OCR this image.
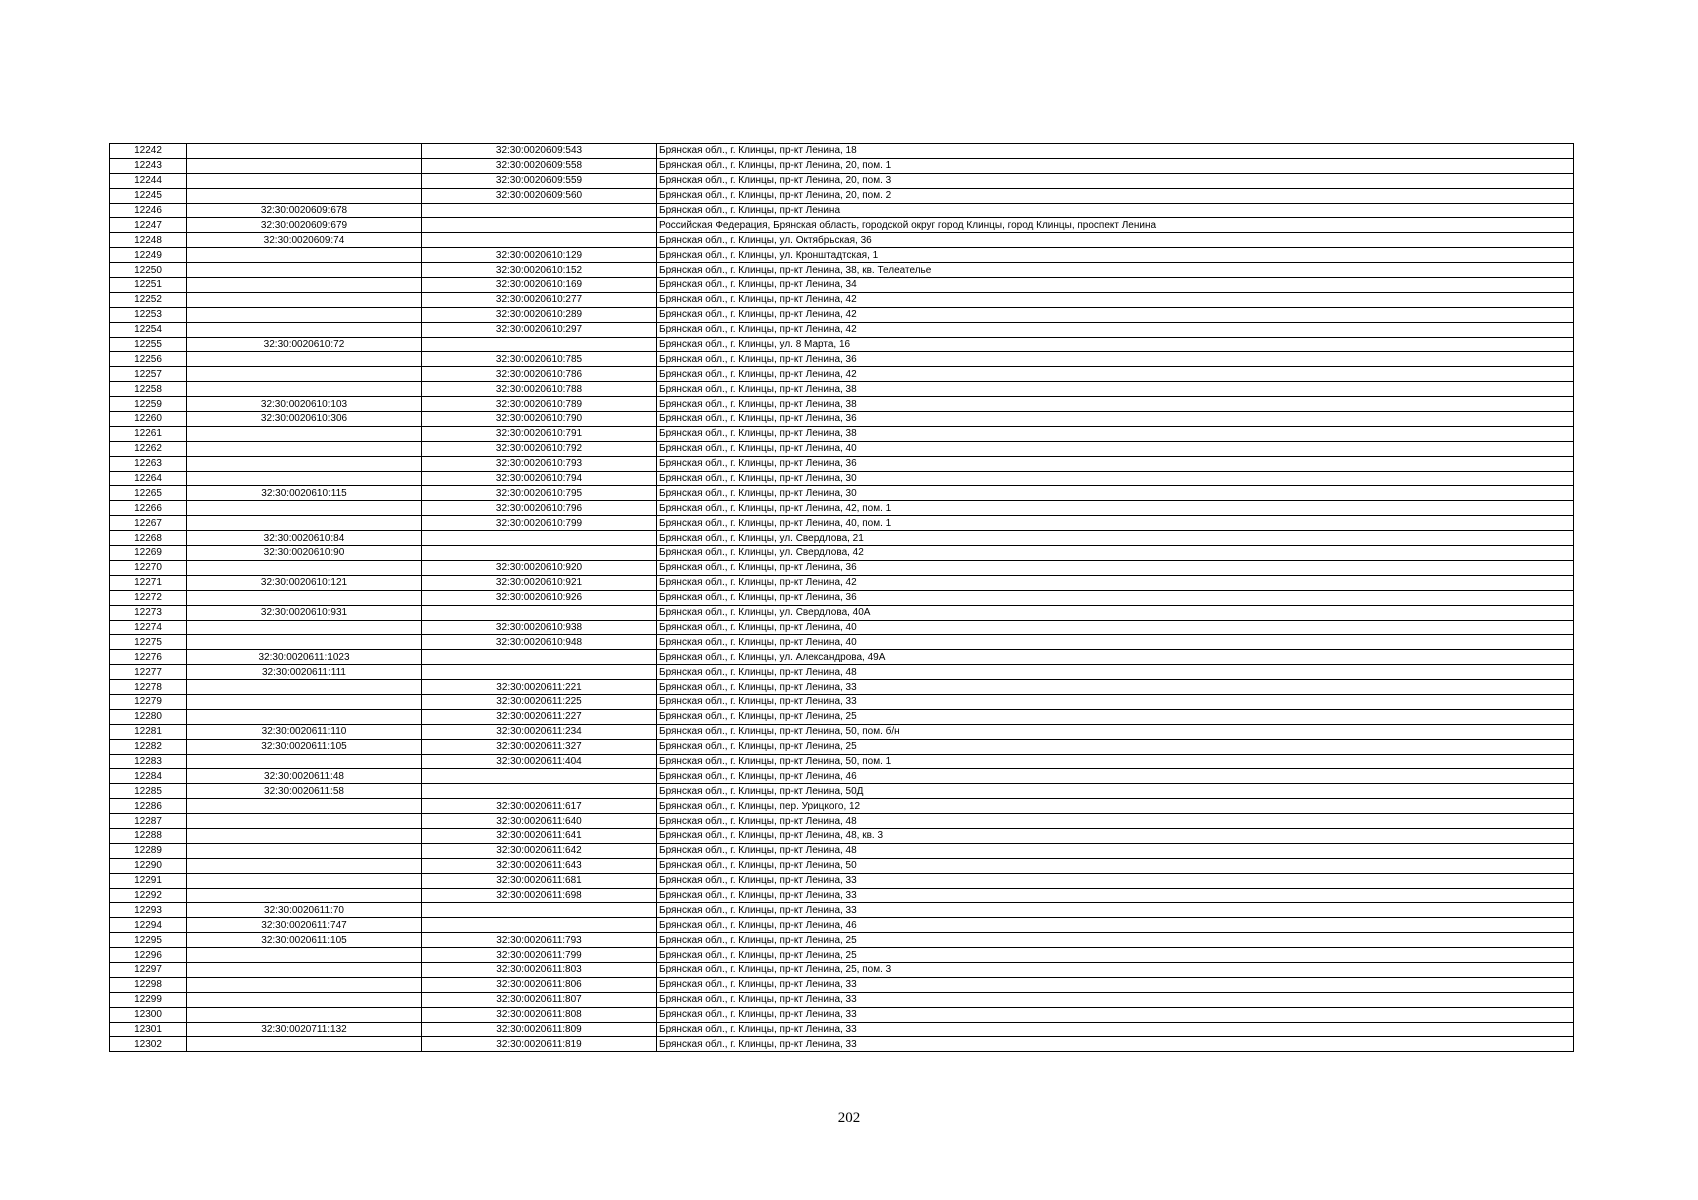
12242		32:30:0020609:543	Брянская обл., г. Клинцы, пр-кт Ленина, 18
12243		32:30:0020609:558	Брянская обл., г. Клинцы, пр-кт Ленина, 20, пом. 1
12244		32:30:0020609:559	Брянская обл., г. Клинцы, пр-кт Ленина, 20, пом. 3
12245		32:30:0020609:560	Брянская обл., г. Клинцы, пр-кт Ленина, 20, пом. 2
12246	32:30:0020609:678		Брянская обл., г. Клинцы, пр-кт Ленина
12247	32:30:0020609:679		Российская Федерация, Брянская область, городской округ город Клинцы, город Клинцы, проспект Ленина
12248	32:30:0020609:74		Брянская обл., г. Клинцы, ул. Октябрьская, 36
12249		32:30:0020610:129	Брянская обл., г. Клинцы, ул. Кронштадтская, 1
12250		32:30:0020610:152	Брянская обл., г. Клинцы, пр-кт Ленина, 38, кв. Телеателье
12251		32:30:0020610:169	Брянская обл., г. Клинцы, пр-кт Ленина, 34
12252		32:30:0020610:277	Брянская обл., г. Клинцы, пр-кт Ленина, 42
12253		32:30:0020610:289	Брянская обл., г. Клинцы, пр-кт Ленина, 42
12254		32:30:0020610:297	Брянская обл., г. Клинцы, пр-кт Ленина, 42
12255	32:30:0020610:72		Брянская обл., г. Клинцы, ул. 8 Марта, 16
12256		32:30:0020610:785	Брянская обл., г. Клинцы, пр-кт Ленина, 36
12257		32:30:0020610:786	Брянская обл., г. Клинцы, пр-кт Ленина, 42
12258		32:30:0020610:788	Брянская обл., г. Клинцы, пр-кт Ленина, 38
12259	32:30:0020610:103	32:30:0020610:789	Брянская обл., г. Клинцы, пр-кт Ленина, 38
12260	32:30:0020610:306	32:30:0020610:790	Брянская обл., г. Клинцы, пр-кт Ленина, 36
12261		32:30:0020610:791	Брянская обл., г. Клинцы, пр-кт Ленина, 38
12262		32:30:0020610:792	Брянская обл., г. Клинцы, пр-кт Ленина, 40
12263		32:30:0020610:793	Брянская обл., г. Клинцы, пр-кт Ленина, 36
12264		32:30:0020610:794	Брянская обл., г. Клинцы, пр-кт Ленина, 30
12265	32:30:0020610:115	32:30:0020610:795	Брянская обл., г. Клинцы, пр-кт Ленина, 30
12266		32:30:0020610:796	Брянская обл., г. Клинцы, пр-кт Ленина, 42, пом. 1
12267		32:30:0020610:799	Брянская обл., г. Клинцы, пр-кт Ленина, 40, пом. 1
12268	32:30:0020610:84		Брянская обл., г. Клинцы, ул. Свердлова, 21
12269	32:30:0020610:90		Брянская обл., г. Клинцы, ул. Свердлова, 42
12270		32:30:0020610:920	Брянская обл., г. Клинцы, пр-кт Ленина, 36
12271	32:30:0020610:121	32:30:0020610:921	Брянская обл., г. Клинцы, пр-кт Ленина, 42
12272		32:30:0020610:926	Брянская обл., г. Клинцы, пр-кт Ленина, 36
12273	32:30:0020610:931		Брянская обл., г. Клинцы, ул. Свердлова, 40А
12274		32:30:0020610:938	Брянская обл., г. Клинцы, пр-кт Ленина, 40
12275		32:30:0020610:948	Брянская обл., г. Клинцы, пр-кт Ленина, 40
12276	32:30:0020611:1023		Брянская обл., г. Клинцы, ул. Александрова, 49А
12277	32:30:0020611:111		Брянская обл., г. Клинцы, пр-кт Ленина, 48
12278		32:30:0020611:221	Брянская обл., г. Клинцы, пр-кт Ленина, 33
12279		32:30:0020611:225	Брянская обл., г. Клинцы, пр-кт Ленина, 33
12280		32:30:0020611:227	Брянская обл., г. Клинцы, пр-кт Ленина, 25
12281	32:30:0020611:110	32:30:0020611:234	Брянская обл., г. Клинцы, пр-кт Ленина, 50, пом. б/н
12282	32:30:0020611:105	32:30:0020611:327	Брянская обл., г. Клинцы, пр-кт Ленина, 25
12283		32:30:0020611:404	Брянская обл., г. Клинцы, пр-кт Ленина, 50, пом. 1
12284	32:30:0020611:48		Брянская обл., г. Клинцы, пр-кт Ленина, 46
12285	32:30:0020611:58		Брянская обл., г. Клинцы, пр-кт Ленина, 50Д
12286		32:30:0020611:617	Брянская обл., г. Клинцы, пер. Урицкого, 12
12287		32:30:0020611:640	Брянская обл., г. Клинцы, пр-кт Ленина, 48
12288		32:30:0020611:641	Брянская обл., г. Клинцы, пр-кт Ленина, 48, кв. 3
12289		32:30:0020611:642	Брянская обл., г. Клинцы, пр-кт Ленина, 48
12290		32:30:0020611:643	Брянская обл., г. Клинцы, пр-кт Ленина, 50
12291		32:30:0020611:681	Брянская обл., г. Клинцы, пр-кт Ленина, 33
12292		32:30:0020611:698	Брянская обл., г. Клинцы, пр-кт Ленина, 33
12293	32:30:0020611:70		Брянская обл., г. Клинцы, пр-кт Ленина, 33
12294	32:30:0020611:747		Брянская обл., г. Клинцы, пр-кт Ленина, 46
12295	32:30:0020611:105	32:30:0020611:793	Брянская обл., г. Клинцы, пр-кт Ленина, 25
12296		32:30:0020611:799	Брянская обл., г. Клинцы, пр-кт Ленина, 25
12297		32:30:0020611:803	Брянская обл., г. Клинцы, пр-кт Ленина, 25, пом. 3
12298		32:30:0020611:806	Брянская обл., г. Клинцы, пр-кт Ленина, 33
12299		32:30:0020611:807	Брянская обл., г. Клинцы, пр-кт Ленина, 33
12300		32:30:0020611:808	Брянская обл., г. Клинцы, пр-кт Ленина, 33
12301	32:30:0020711:132	32:30:0020611:809	Брянская обл., г. Клинцы, пр-кт Ленина, 33
12302		32:30:0020611:819	Брянская обл., г. Клинцы, пр-кт Ленина, 33
202
